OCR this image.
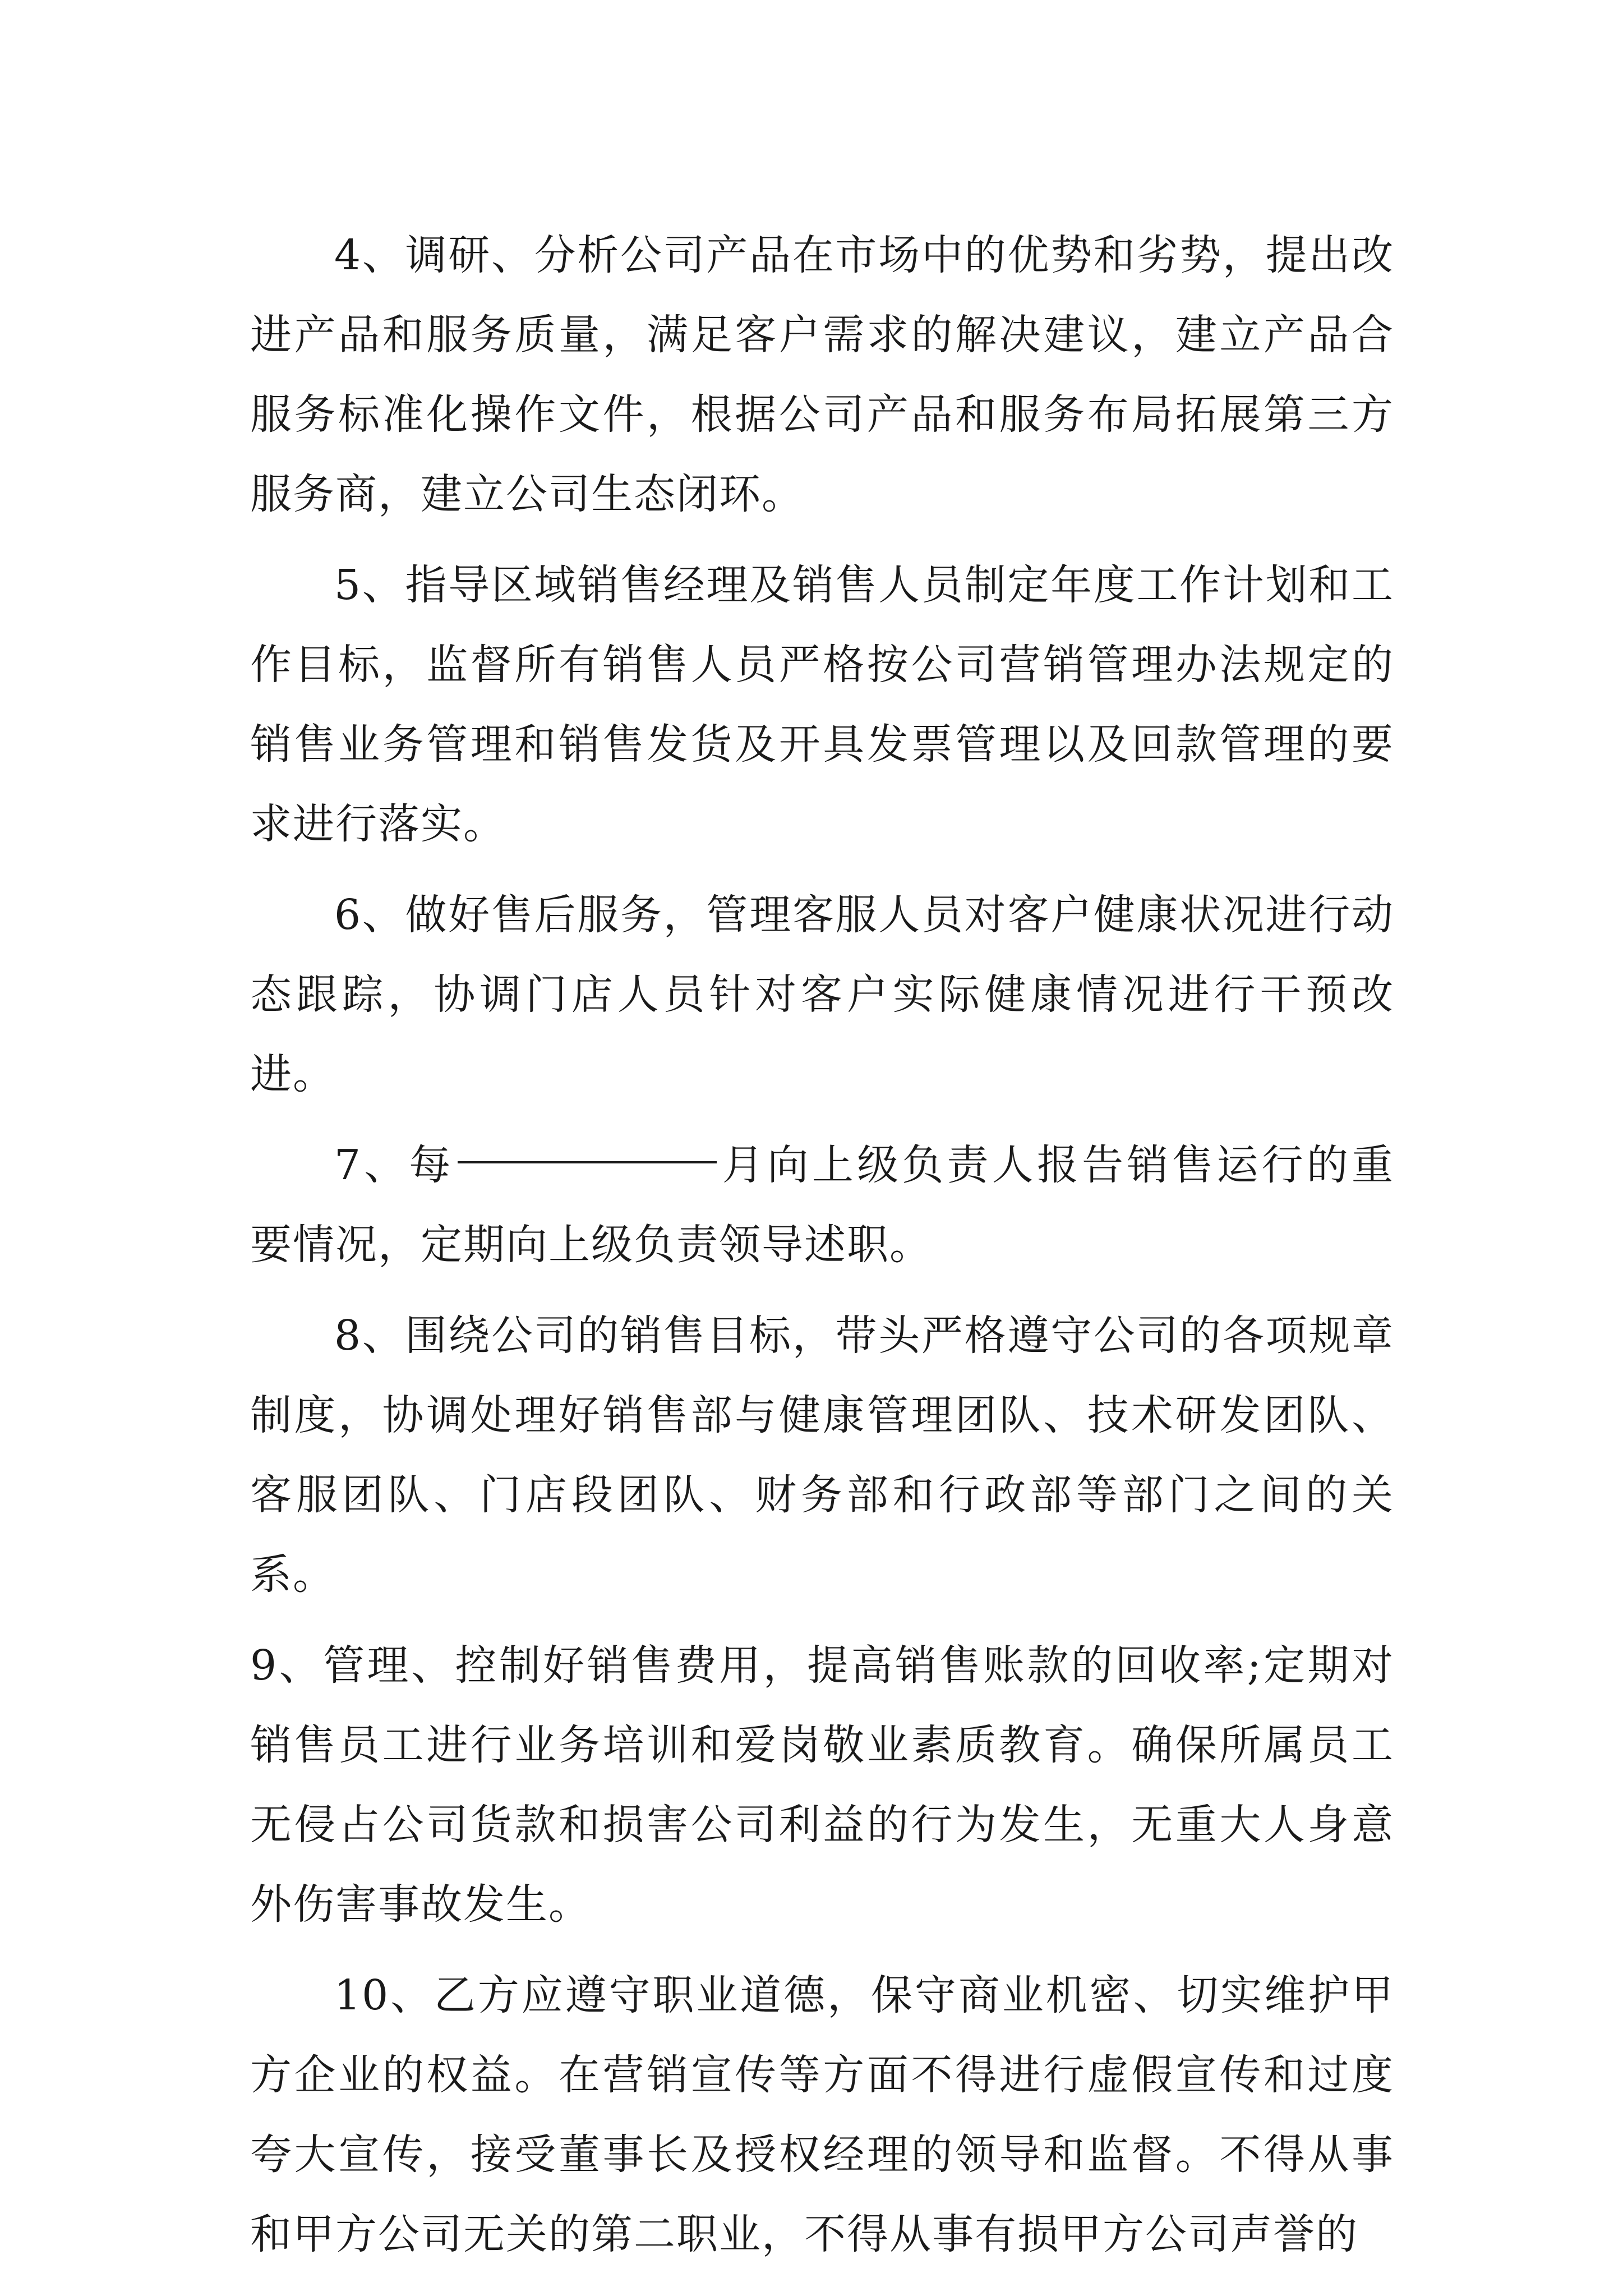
4、调研、分析公司产品在市场中的优势和劣势，提出改进产品和服务质量，满足客户需求的解决建议，建立产品合服务标准化操作文件，根据公司产品和服务布局拓展第三方服务商，建立公司生态闭环。

5、指导区域销售经理及销售人员制定年度工作计划和工作目标，监督所有销售人员严格按公司营销管理办法规定的销售业务管理和销售发货及开具发票管理以及回款管理的要求进行落实。

6、做好售后服务，管理客服人员对客户健康状况进行动态跟踪，协调门店人员针对客户实际健康情况进行干预改进。

7、每	月向上级负责人报告销售运行的重要情况，定期向上级负责领导述职。

8、围绕公司的销售目标，带头严格遵守公司的各项规章制度，协调处理好销售部与健康管理团队、技术研发团队、客服团队、门店段团队、财务部和行政部等部门之间的关系。

9、管理、控制好销售费用，提高销售账款的回收率;定期对销售员工进行业务培训和爱岗敬业素质教育。确保所属员工无侵占公司货款和损害公司利益的行为发生，无重大人身意外伤害事故发生。

10、乙方应遵守职业道德，保守商业机密、切实维护甲方企业的权益。在营销宣传等方面不得进行虚假宣传和过度夸大宣传，接受董事长及授权经理的领导和监督。不得从事和甲方公司无关的第二职业，不得从事有损甲方公司声誉的
